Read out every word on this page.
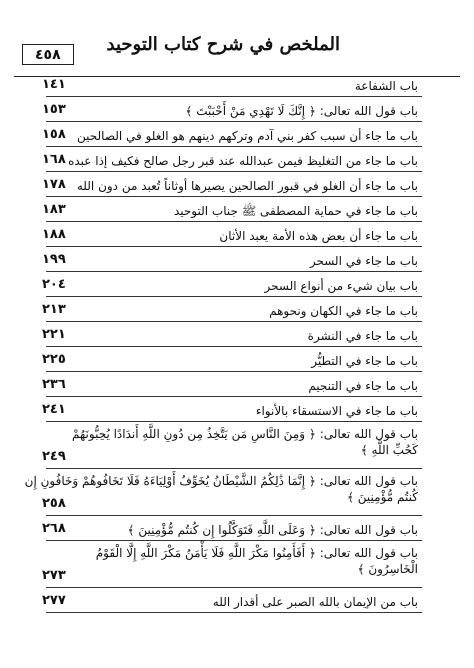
الملخص في شرح كتاب التوحيد
٤٥٨
باب الشفاعة
١٤١
باب قول الله تعالى: ﴿ إِنَّكَ لَا تَهْدِي مَنْ أَحْبَبْتَ ﴾
١٥٣
باب ما جاء أن سبب كفر بني آدم وتركهم دينهم هو الغلو في الصالحين
١٥٨
باب ما جاء من التغليظ فيمن عبدالله عند قبر رجل صالح فكيف إذا عبده
١٦٨
باب ما جاء أن الغلو في قبور الصالحين يصيرها أوثاناً تُعبد من دون الله
١٧٨
باب ما جاء في حماية المصطفى ﷺ جناب التوحيد
١٨٣
باب ما جاء أن بعض هذه الأمة يعبد الأثان
١٨٨
باب ما جاء في السحر
١٩٩
باب بيان شيء من أنواع السحر
٢٠٤
باب ما جاء في الكهان ونحوهم
٢١٣
باب ما جاء في النشرة
٢٢١
باب ما جاء في التطيُّر
٢٢٥
باب ما جاء في التنجيم
٢٣٦
باب ما جاء في الاستسقاء بالأنواء
٢٤١
باب قول الله تعالى: ﴿ وَمِنَ النَّاسِ مَن يَتَّخِذُ مِن دُونِ اللَّهِ أَندَادًا يُحِبُّونَهُمْ
كَحُبِّ اللَّهِ ﴾
٢٤٩
باب قول الله تعالى: ﴿ إِنَّمَا ذَٰلِكُمُ الشَّيْطَانُ يُخَوِّفُ أَوْلِيَاءَهُ فَلَا تَخَافُوهُمْ وَخَافُونِ إِن
كُنتُم مُّؤْمِنِينَ ﴾
٢٥٨
باب قول الله تعالى: ﴿ وَعَلَى اللَّهِ فَتَوَكَّلُوا إِن كُنتُم مُّؤْمِنِينَ ﴾
٢٦٨
باب قول الله تعالى: ﴿ أَفَأَمِنُوا مَكْرَ اللَّهِ فَلَا يَأْمَنُ مَكْرَ اللَّهِ إِلَّا الْقَوْمُ
الْخَاسِرُونَ ﴾
٢٧٣
باب من الإيمان بالله الصبر على أقدار الله
٢٧٧
